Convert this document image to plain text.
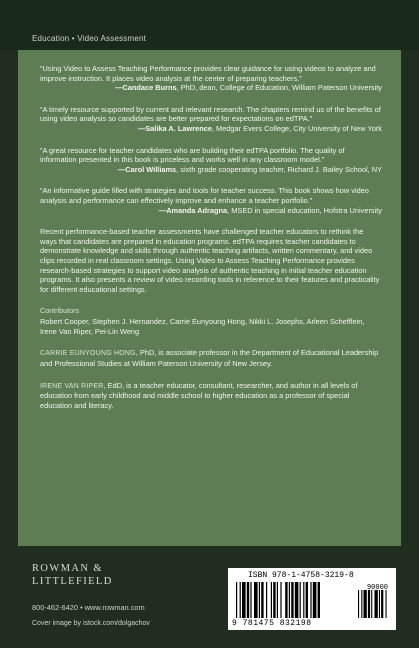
Education • Video Assessment
“Using Video to Assess Teaching Performance provides clear guidance for using videos to analyze and improve instruction. It places video analysis at the center of preparing teachers.”
—Candace Burns, PhD, dean, College of Education, William Paterson University
“A timely resource supported by current and relevant research. The chapters remind us of the benefits of using video analysis so candidates are better prepared for expectations on edTPA.”
—Salika A. Lawrence, Medgar Evers College, City University of New York
“A great resource for teacher candidates who are building their edTPA portfolio. The quality of information presented in this book is priceless and works well in any classroom model.”
—Carol Williams, sixth grade cooperating teacher, Richard J. Bailey School, NY
“An informative guide filled with strategies and tools for teacher success. This book shows how video analysis and performance can effectively improve and enhance a teacher portfolio.”
—Amanda Adragna, MSED in special education, Hofstra University
Recent performance-based teacher assessments have challenged teacher educators to rethink the ways that candidates are prepared in education programs. edTPA requires teacher candidates to demonstrate knowledge and skills through authentic teaching artifacts, written commentary, and video clips recorded in real classroom settings. Using Video to Assess Teaching Performance provides research-based strategies to support video analysis of authentic teaching in initial teacher education programs. It also presents a review of video recording tools in reference to their features and practicality for different educational settings.
Contributors
Robert Cooper, Stephen J. Hernandez, Carrie Eunyoung Hong, Nikki L. Josephs, Arleen Schefflein, Irene Van Riper, Pei-Lin Weng
CARRIE EUNYOUNG HONG, PhD, is associate professor in the Department of Educational Leadership and Professional Studies at William Paterson University of New Jersey.
IRENE VAN RIPER, EdD, is a teacher educator, consultant, researcher, and author in all levels of education from early childhood and middle school to higher education as a professor of special education and literacy.
ROWMAN &
LITTLEFIELD
800-462-6420 • www.rowman.com
Cover image by istock.com/dolgachov
ISBN 978-1-4758-3219-8
90000
9 781475 832198
